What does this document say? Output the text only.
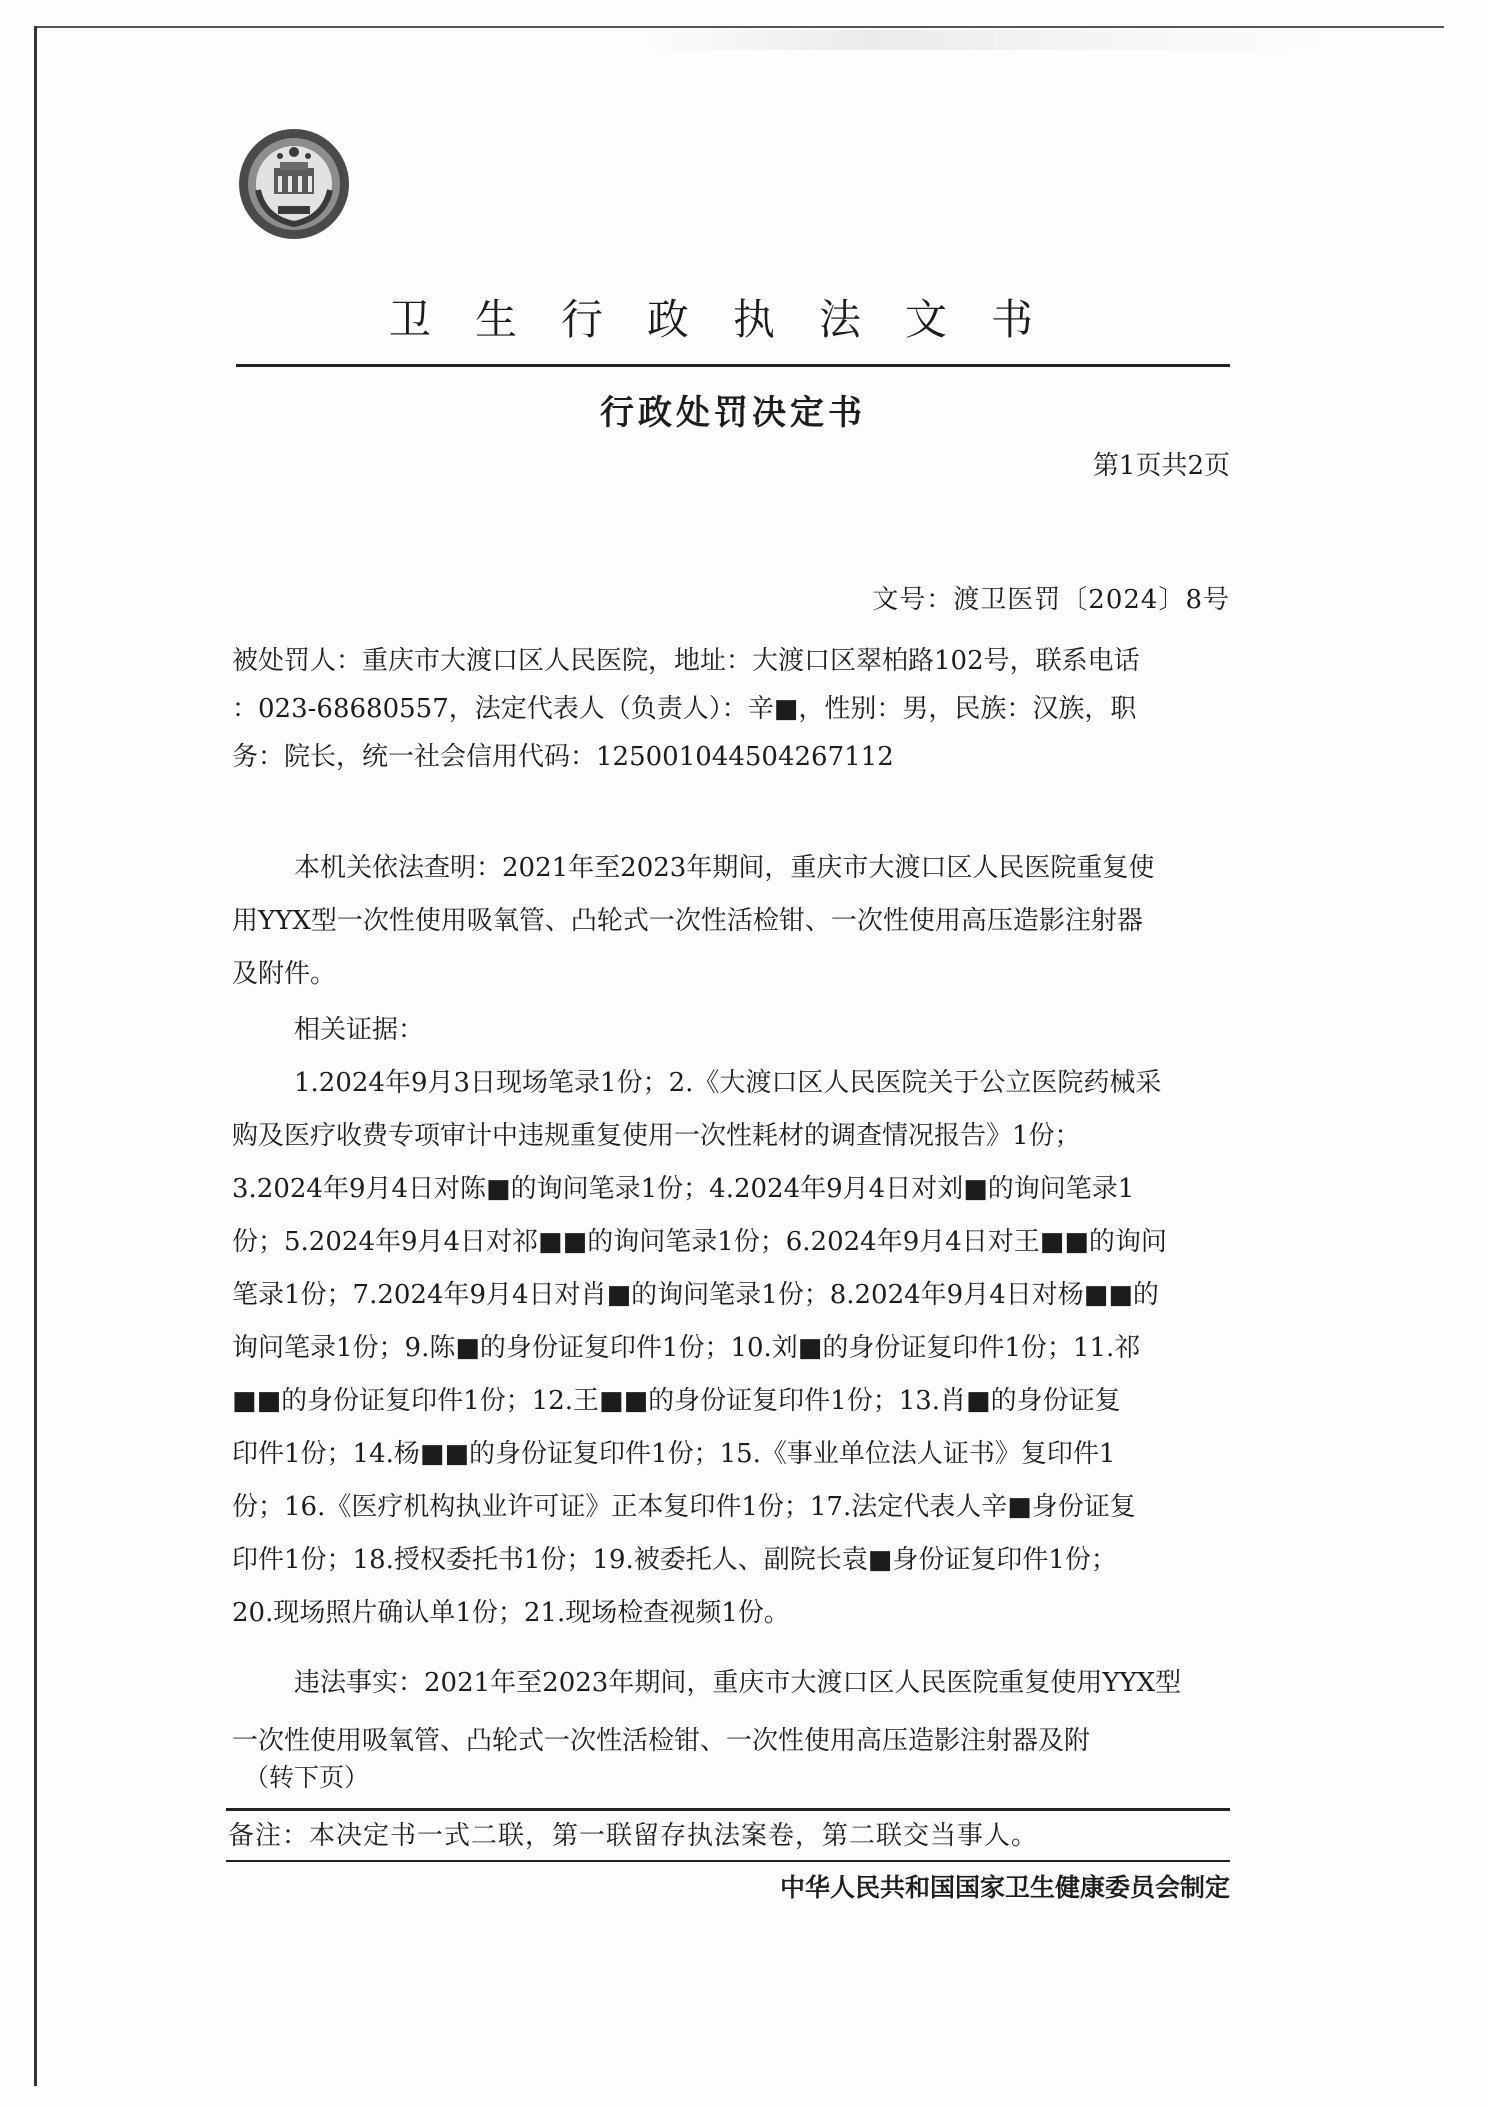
卫生行政执法文书
行政处罚决定书
第1页共2页
文号：渡卫医罚〔2024〕8号
被处罚人：重庆市大渡口区人民医院，地址：大渡口区翠柏路102号，联系电话
：023-68680557，法定代表人（负责人）：辛■，性别：男，民族：汉族，职
务：院长，统一社会信用代码：125001044504267112
本机关依法查明：2021年至2023年期间，重庆市大渡口区人民医院重复使
用YYX型一次性使用吸氧管、凸轮式一次性活检钳、一次性使用高压造影注射器
及附件。
相关证据：
1.2024年9月3日现场笔录1份；2.《大渡口区人民医院关于公立医院药械采
购及医疗收费专项审计中违规重复使用一次性耗材的调查情况报告》1份；
3.2024年9月4日对陈■的询问笔录1份；4.2024年9月4日对刘■的询问笔录1
份；5.2024年9月4日对祁■■的询问笔录1份；6.2024年9月4日对王■■的询问
笔录1份；7.2024年9月4日对肖■的询问笔录1份；8.2024年9月4日对杨■■的
询问笔录1份；9.陈■的身份证复印件1份；10.刘■的身份证复印件1份；11.祁
■■的身份证复印件1份；12.王■■的身份证复印件1份；13.肖■的身份证复
印件1份；14.杨■■的身份证复印件1份；15.《事业单位法人证书》复印件1
份；16.《医疗机构执业许可证》正本复印件1份；17.法定代表人辛■身份证复
印件1份；18.授权委托书1份；19.被委托人、副院长袁■身份证复印件1份；
20.现场照片确认单1份；21.现场检查视频1份。
违法事实：2021年至2023年期间，重庆市大渡口区人民医院重复使用YYX型
一次性使用吸氧管、凸轮式一次性活检钳、一次性使用高压造影注射器及附
（转下页）
备注：本决定书一式二联，第一联留存执法案卷，第二联交当事人。
中华人民共和国国家卫生健康委员会制定
